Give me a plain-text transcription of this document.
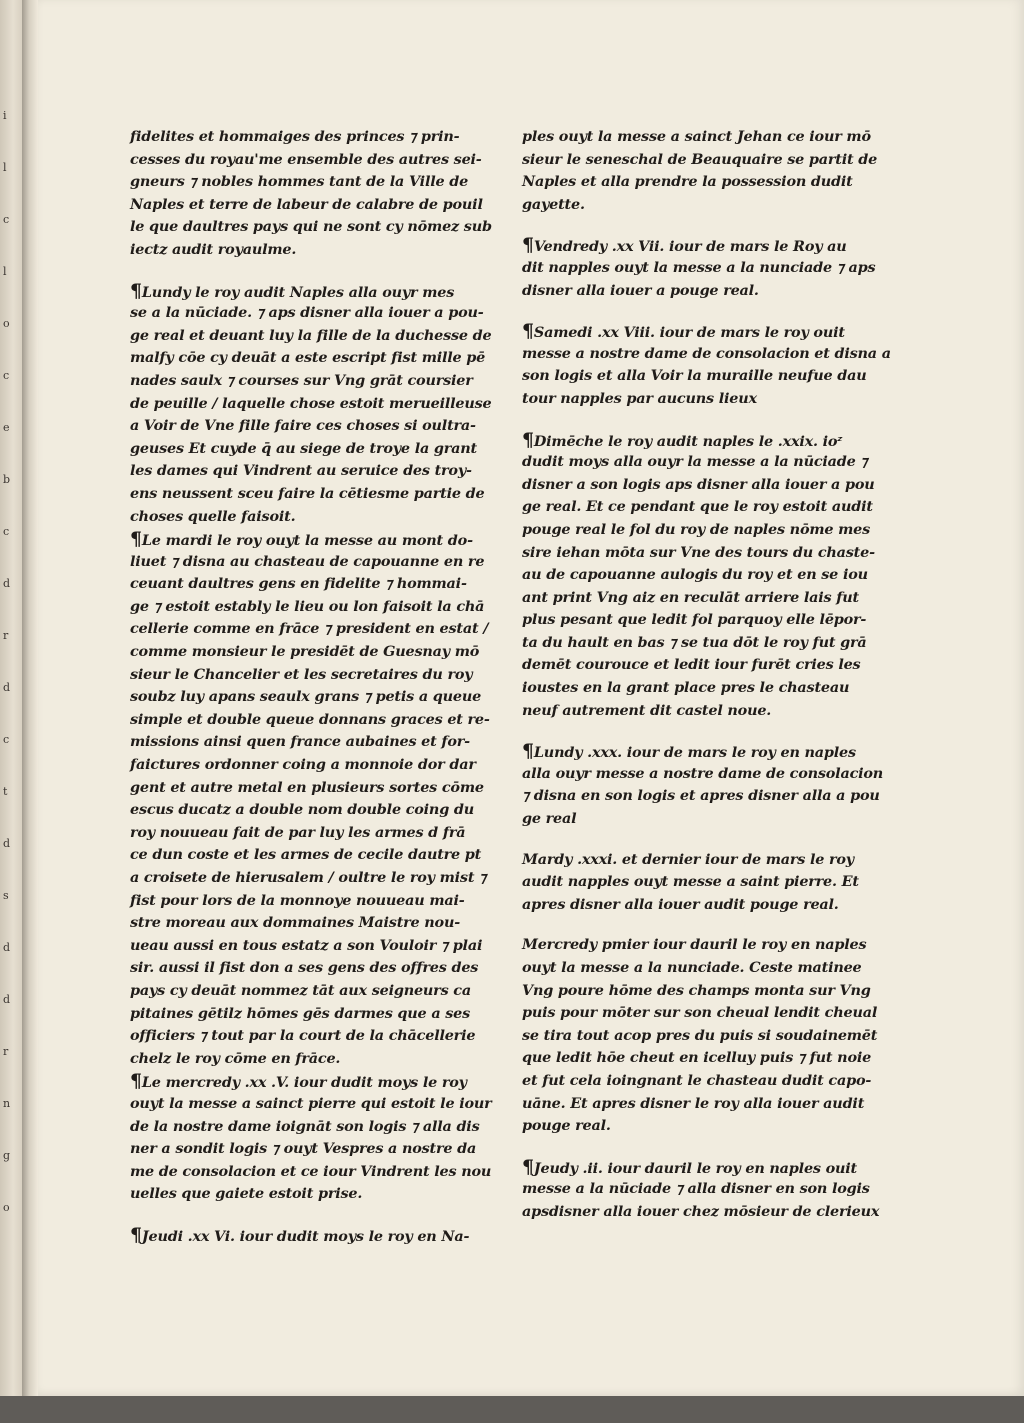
i
l
c
l
o
c
e
b
c
d
r
d
c
t
d
s
d
d
r
n
g
o
fidelites et hommaiges des princes ⁊ prin-
cesses du royau'me ensemble des autres sei-
gneurs ⁊ nobles hommes tant de la Ville de
Naples et terre de labeur de calabre de pouil
le que daultres pays qui ne sont cy nōmez sub
iectz audit royaulme.
¶Lundy le roy audit Naples alla ouyr mes
se a la nūciade. ⁊ aps disner alla iouer a pou-
ge real et deuant luy la fille de la duchesse de
malfy cōe cy deuāt a este escript fist mille pē
nades saulx ⁊ courses sur Vng grāt coursier
de peuille / laquelle chose estoit merueilleuse
a Voir de Vne fille faire ces choses si oultra-
geuses Et cuyde q̄ au siege de troye la grant
les dames qui Vindrent au seruice des troy-
ens neussent sceu faire la cētiesme partie de
choses quelle faisoit.
¶Le mardi le roy ouyt la messe au mont do-
liuet ⁊ disna au chasteau de capouanne en re
ceuant daultres gens en fidelite ⁊ hommai-
ge ⁊ estoit estably le lieu ou lon faisoit la chā
cellerie comme en frāce ⁊ president en estat /
comme monsieur le presidēt de Guesnay mō
sieur le Chancelier et les secretaires du roy
soubz luy apans seaulx grans ⁊ petis a queue
simple et double queue donnans graces et re-
missions ainsi quen france aubaines et for-
faictures ordonner coing a monnoie dor dar
gent et autre metal en plusieurs sortes cōme
escus ducatz a double nom double coing du
roy nouueau fait de par luy les armes d frā
ce dun coste et les armes de cecile dautre pt
a croisete de hierusalem / oultre le roy mist ⁊
fist pour lors de la monnoye nouueau mai-
stre moreau aux dommaines Maistre nou-
ueau aussi en tous estatz a son Vouloir ⁊ plai
sir. aussi il fist don a ses gens des offres des
pays cy deuāt nommez tāt aux seigneurs ca
pitaines gētilz hōmes gēs darmes que a ses
officiers ⁊ tout par la court de la chācellerie
chelz le roy cōme en frāce.
¶Le mercredy .xx .V. iour dudit moys le roy
ouyt la messe a sainct pierre qui estoit le iour
de la nostre dame ioignāt son logis ⁊ alla dis
ner a sondit logis ⁊ ouyt Vespres a nostre da
me de consolacion et ce iour Vindrent les nou
uelles que gaiete estoit prise.
¶Jeudi .xx Vi. iour dudit moys le roy en Na-
ples ouyt la messe a sainct Jehan ce iour mō
sieur le seneschal de Beauquaire se partit de
Naples et alla prendre la possession dudit
gayette.
¶Vendredy .xx Vii. iour de mars le Roy au
dit napples ouyt la messe a la nunciade ⁊ aps
disner alla iouer a pouge real.
¶Samedi .xx Viii. iour de mars le roy ouit
messe a nostre dame de consolacion et disna a
son logis et alla Voir la muraille neufue dau
tour napples par aucuns lieux
¶Dimēche le roy audit naples le .xxix. ioᶻ
dudit moys alla ouyr la messe a la nūciade ⁊
disner a son logis aps disner alla iouer a pou
ge real. Et ce pendant que le roy estoit audit
pouge real le fol du roy de naples nōme mes
sire iehan mōta sur Vne des tours du chaste-
au de capouanne aulogis du roy et en se iou
ant print Vng aiz en reculāt arriere lais fut
plus pesant que ledit fol parquoy elle lēpor-
ta du hault en bas ⁊ se tua dōt le roy fut grā
demēt courouce et ledit iour furēt cries les
ioustes en la grant place pres le chasteau
neuf autrement dit castel noue.
¶Lundy .xxx. iour de mars le roy en naples
alla ouyr messe a nostre dame de consolacion
⁊ disna en son logis et apres disner alla a pou
ge real
Mardy .xxxi. et dernier iour de mars le roy
audit napples ouyt messe a saint pierre. Et
apres disner alla iouer audit pouge real.
Mercredy pmier iour dauril le roy en naples
ouyt la messe a la nunciade. Ceste matinee
Vng poure hōme des champs monta sur Vng
puis pour mōter sur son cheual lendit cheual
se tira tout acop pres du puis si soudainemēt
que ledit hōe cheut en icelluy puis ⁊ fut noie
et fut cela ioingnant le chasteau dudit capo-
uāne. Et apres disner le roy alla iouer audit
pouge real.
¶Jeudy .ii. iour dauril le roy en naples ouit
messe a la nūciade ⁊ alla disner en son logis
apsdisner alla iouer chez mōsieur de clerieux
